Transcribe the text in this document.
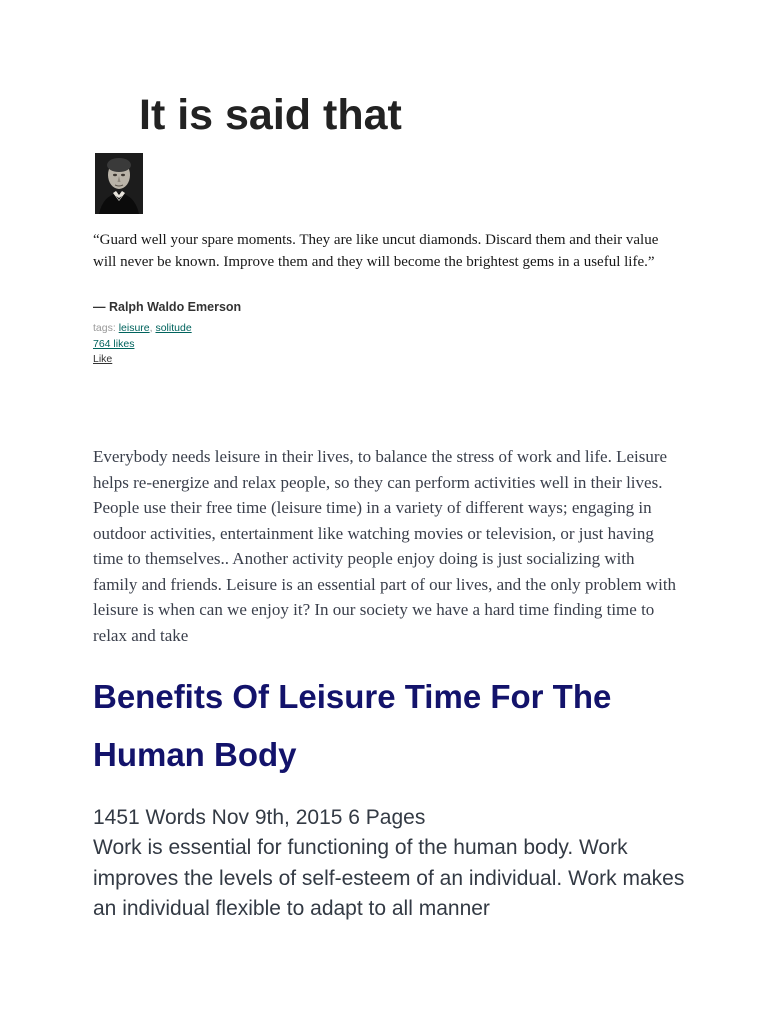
It is said that

“Guard well your spare moments. They are like uncut diamonds. Discard them and their value will never be known. Improve them and they will become the brightest gems in a useful life.”

― Ralph Waldo Emerson

tags: leisure, solitude
764 likes
Like

Everybody needs leisure in their lives, to balance the stress of work and life. Leisure helps re-energize and relax people, so they can perform activities well in their lives. People use their free time (leisure time) in a variety of different ways; engaging in outdoor activities, entertainment like watching movies or television, or just having time to themselves.. Another activity people enjoy doing is just socializing with family and friends. Leisure is an essential part of our lives, and the only problem with leisure is when can we enjoy it? In our society we have a hard time finding time to relax and take

Benefits Of Leisure Time For The Human Body

1451 Words Nov 9th, 2015 6 Pages

Work is essential for functioning of the human body. Work improves the levels of self-esteem of an individual. Work makes an individual flexible to adapt to all manner
